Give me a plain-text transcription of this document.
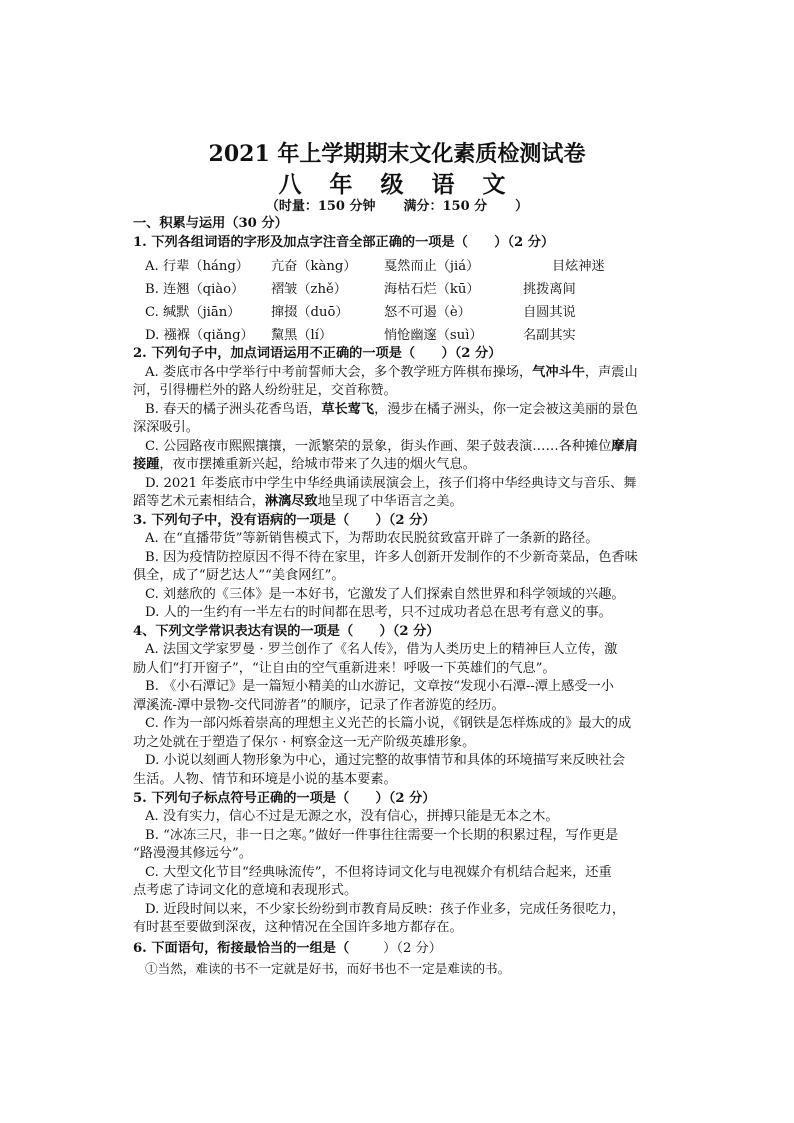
2021 年上学期期末文化素质检测试卷
八 年 级 语 文
（时量：150 分钟 满分：150 分 ）
一、积累与运用（30 分）
1. 下列各组词语的字形及加点字注音全部正确的一项是（　　）（2 分）
A. 行辈（háng） 亢奋（kàng） 戛然而止（jiá）	目炫神迷
B. 连翘（qiào） 褶皱（zhě）	海枯石烂（kū）	挑拨离间
C. 缄默（jiān） 撺掇（duō）	怒不可遏（è）	自圆其说
D. 襁褓（qiǎng） 黧黑（lí）	悄怆幽邃（suì）	名副其实
2. 下列句子中，加点词语运用不正确的一项是（　　）（2 分）
A. 娄底市各中学举行中考前誓师大会，多个教学班方阵棋布操场，气冲斗牛，声震山
河，引得栅栏外的路人纷纷驻足，交首称赞。
B. 春天的橘子洲头花香鸟语，草长莺飞，漫步在橘子洲头，你一定会被这美丽的景色
深深吸引。
C. 公园路夜市熙熙攘攘，一派繁荣的景象，街头作画、架子鼓表演……各种摊位摩肩
接踵，夜市摆摊重新兴起，给城市带来了久违的烟火气息。
D. 2021 年娄底市中学生中华经典诵读展演会上，孩子们将中华经典诗文与音乐、舞
蹈等艺术元素相结合，淋漓尽致地呈现了中华语言之美。
3. 下列句子中，没有语病的一项是（　　）（2 分）
A. 在“直播带货”等新销售模式下，为帮助农民脱贫致富开辟了一条新的路径。
B. 因为疫情防控原因不得不待在家里，许多人创新开发制作的不少新奇菜品，色香味
俱全，成了“厨艺达人”“美食网红”。
C. 刘慈欣的《三体》是一本好书，它激发了人们探索自然世界和科学领域的兴趣。
D. 人的一生约有一半左右的时间都在思考，只不过成功者总在思考有意义的事。
4、下列文学常识表达有误的一项是（　　）（2 分）
A. 法国文学家罗曼 · 罗兰创作了《名人传》，借为人类历史上的精神巨人立传，激
励人们“打开窗子”，“让自由的空气重新进来！呼吸一下英雄们的气息”。
B. 《小石潭记》是一篇短小精美的山水游记，文章按“发现小石潭--潭上感受一小
潭溪流-潭中景物-交代同游者”的顺序，记录了作者游览的经历。
C. 作为一部闪烁着崇高的理想主义光芒的长篇小说，《钢铁是怎样炼成的》最大的成
功之处就在于塑造了保尔 · 柯察金这一无产阶级英雄形象。
D. 小说以刻画人物形象为中心，通过完整的故事情节和具体的环境描写来反映社会
生活。人物、情节和环境是小说的基本要素。
5. 下列句子标点符号正确的一项是（　　）（2 分）
A. 没有实力，信心不过是无源之水，没有信心，拼搏只能是无本之木。
B. “冰冻三尺，非一日之寒。”做好一件事往往需要一个长期的积累过程，写作更是
“路漫漫其修远兮”。
C. 大型文化节目“经典咏流传”，不但将诗词文化与电视媒介有机结合起来，还重
点考虑了诗词文化的意境和表现形式。
D. 近段时间以来，不少家长纷纷到市教育局反映：孩子作业多，完成任务很吃力，
有时甚至要做到深夜，这种情况在全国许多地方都存在。
6. 下面语句，衔接最恰当的一组是（	）（2 分）
①当然，难读的书不一定就是好书，而好书也不一定是难读的书。
